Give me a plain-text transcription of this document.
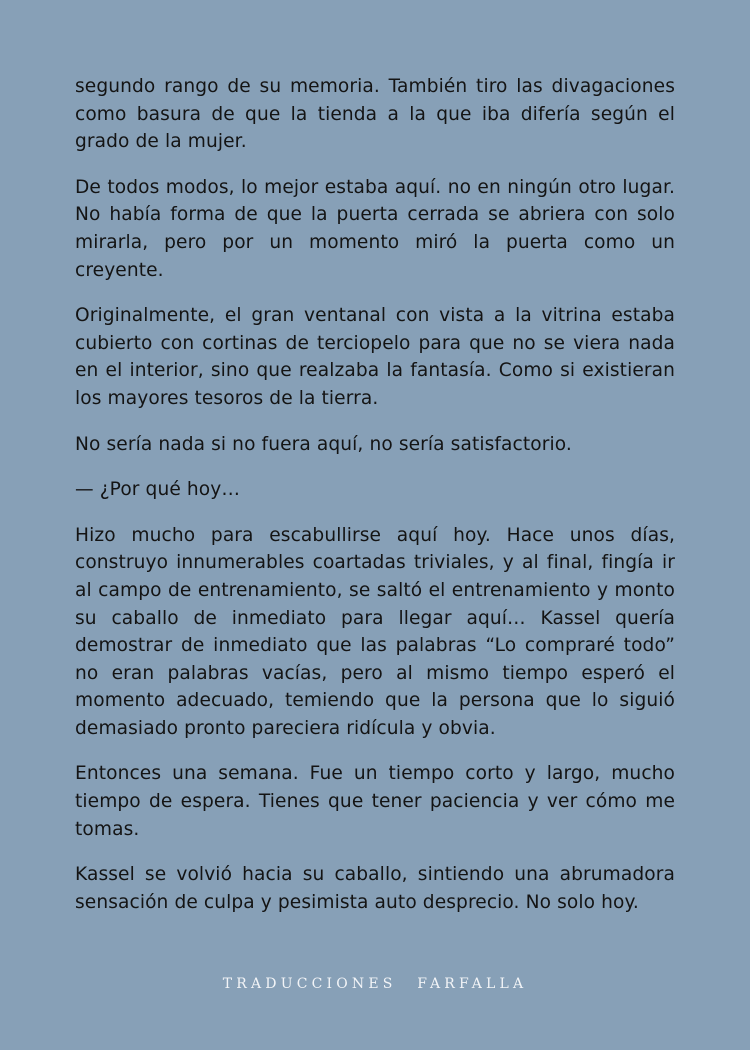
segundo rango de su memoria. También tiro las divagaciones como basura de que la tienda a la que iba difería según el grado de la mujer.

De todos modos, lo mejor estaba aquí. no en ningún otro lugar. No había forma de que la puerta cerrada se abriera con solo mirarla, pero por un momento miró la puerta como un creyente.

Originalmente, el gran ventanal con vista a la vitrina estaba cubierto con cortinas de terciopelo para que no se viera nada en el interior, sino que realzaba la fantasía. Como si existieran los mayores tesoros de la tierra.

No sería nada si no fuera aquí, no sería satisfactorio.

— ¿Por qué hoy…

Hizo mucho para escabullirse aquí hoy. Hace unos días, construyo innumerables coartadas triviales, y al final, fingía ir al campo de entrenamiento, se saltó el entrenamiento y monto su caballo de inmediato para llegar aquí… Kassel quería demostrar de inmediato que las palabras “Lo compraré todo” no eran palabras vacías, pero al mismo tiempo esperó el momento adecuado, temiendo que la persona que lo siguió demasiado pronto pareciera ridícula y obvia.

Entonces una semana. Fue un tiempo corto y largo, mucho tiempo de espera. Tienes que tener paciencia y ver cómo me tomas.

Kassel se volvió hacia su caballo, sintiendo una abrumadora sensación de culpa y pesimista auto desprecio. No solo hoy.

TRADUCCIONES FARFALLA
